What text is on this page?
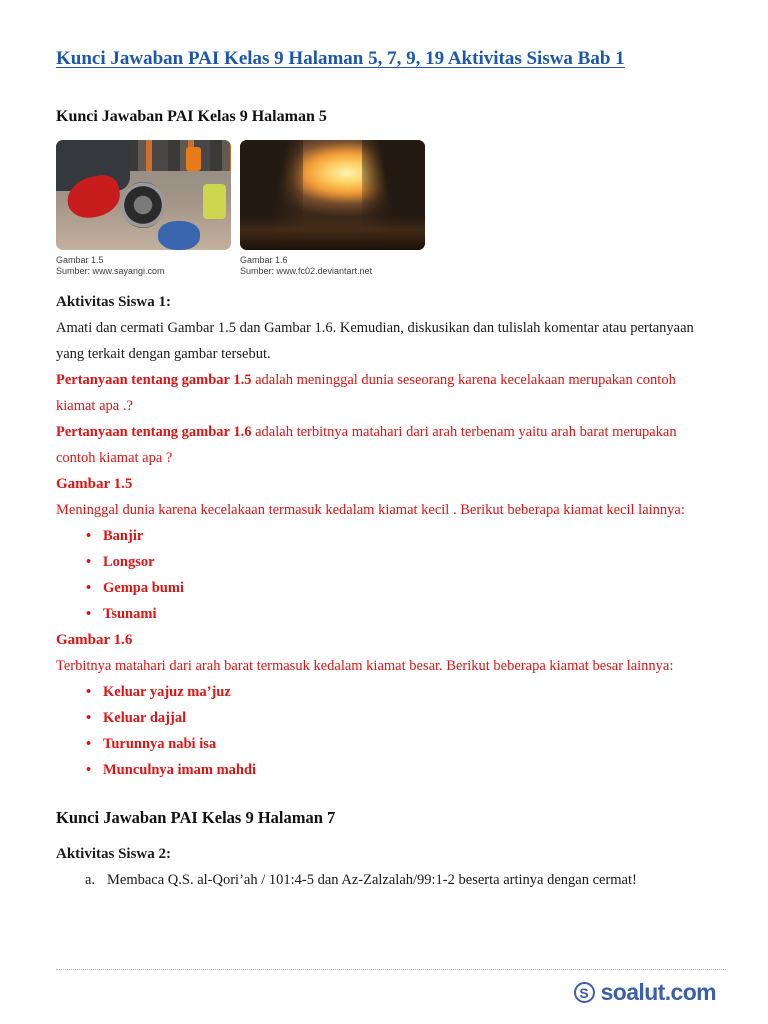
Kunci Jawaban PAI Kelas 9 Halaman 5, 7, 9, 19 Aktivitas Siswa Bab 1
Kunci Jawaban PAI Kelas 9 Halaman 5
Gambar 1.5
Sumber: www.sayangi.com
Gambar 1.6
Sumber: www.fc02.deviantart.net
Aktivitas Siswa 1:
Amati dan cermati Gambar 1.5 dan Gambar 1.6. Kemudian, diskusikan dan tulislah komentar atau pertanyaan yang terkait dengan gambar tersebut.
Pertanyaan tentang gambar 1.5 adalah meninggal dunia seseorang karena kecelakaan merupakan contoh kiamat apa .?
Pertanyaan tentang gambar 1.6 adalah terbitnya matahari dari arah terbenam yaitu arah barat merupakan contoh kiamat apa ?
Gambar 1.5
Meninggal dunia karena kecelakaan termasuk kedalam kiamat kecil . Berikut beberapa kiamat kecil lainnya:
• Banjir
• Longsor
• Gempa bumi
• Tsunami
Gambar 1.6
Terbitnya matahari dari arah barat termasuk kedalam kiamat besar. Berikut beberapa kiamat besar lainnya:
• Keluar yajuz ma’juz
• Keluar dajjal
• Turunnya nabi isa
• Munculnya imam mahdi
Kunci Jawaban PAI Kelas 9 Halaman 7
Aktivitas Siswa 2:
a. Membaca Q.S. al-Qori’ah / 101:4-5 dan Az-Zalzalah/99:1-2 beserta artinya dengan cermat!
S soalut.com
